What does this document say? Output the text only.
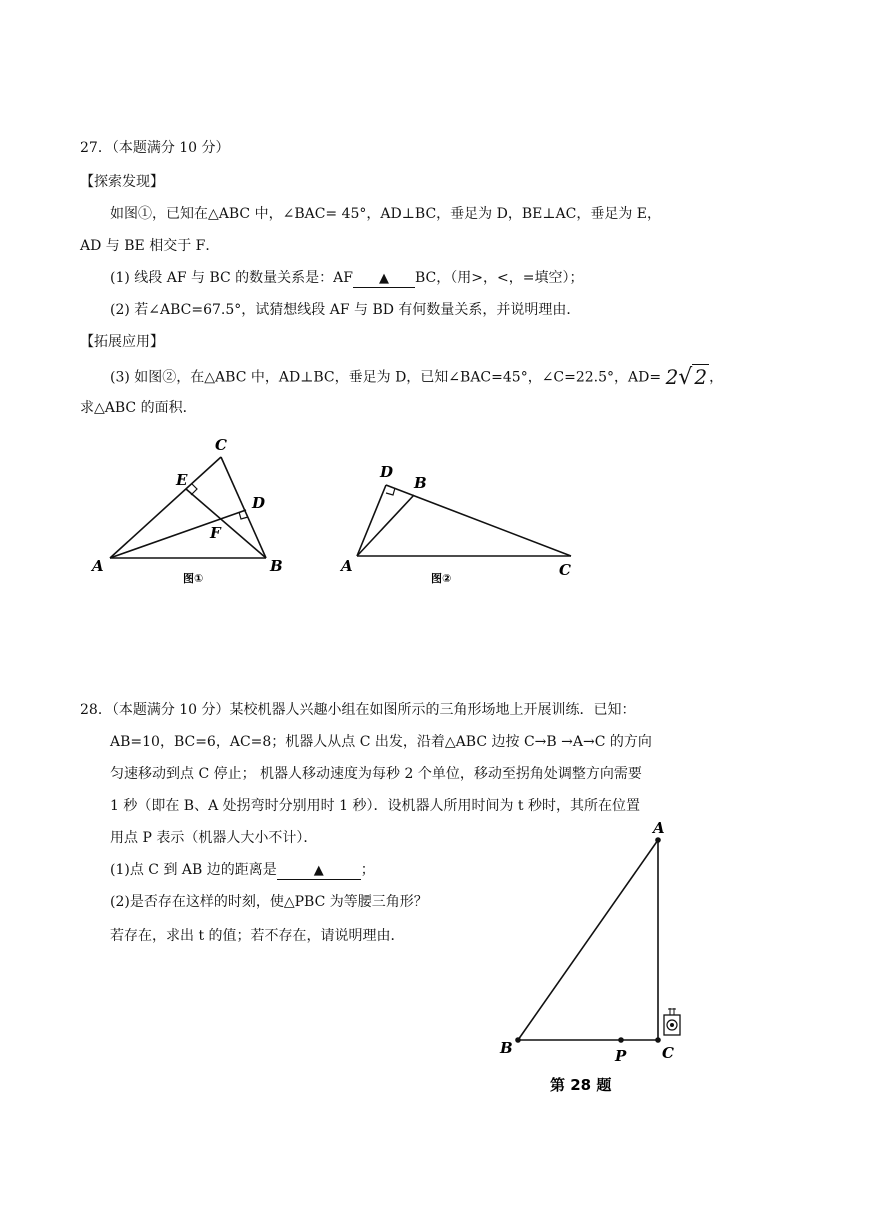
27．（本题满分 10 分）
【探索发现】
如图①，已知在△ABC 中，∠BAC= 45°，AD⊥BC，垂足为 D，BE⊥AC，垂足为 E，
AD 与 BE 相交于 F．
(1) 线段 AF 与 BC 的数量关系是：AF ▲ BC，（用>，<，=填空）；
(2) 若∠ABC=67.5°，试猜想线段 AF 与 BD 有何数量关系，并说明理由．
【拓展应用】
(3) 如图②，在△ABC 中，AD⊥BC，垂足为 D，已知∠BAC=45°，∠C=22.5°，AD= 2√ 2 ，
求△ABC 的面积．
C
E
D
F
A	B
图①
D
B
A	C
图②
28．（本题满分 10 分）某校机器人兴趣小组在如图所示的三角形场地上开展训练．已知：
AB=10，BC=6，AC=8；机器人从点 C 出发，沿着△ABC 边按 C→B →A→C 的方向
匀速移动到点 C 停止； 机器人移动速度为每秒 2 个单位，移动至拐角处调整方向需要
1 秒（即在 B、A 处拐弯时分别用时 1 秒）．设机器人所用时间为 t 秒时，其所在位置
用点 P 表示（机器人大小不计）．
(1)点 C 到 AB 边的距离是	▲	；
(2)是否存在这样的时刻，使△PBC 为等腰三角形？
若存在，求出 t 的值；若不存在，请说明理由．
A
B	P C
第 28 题
